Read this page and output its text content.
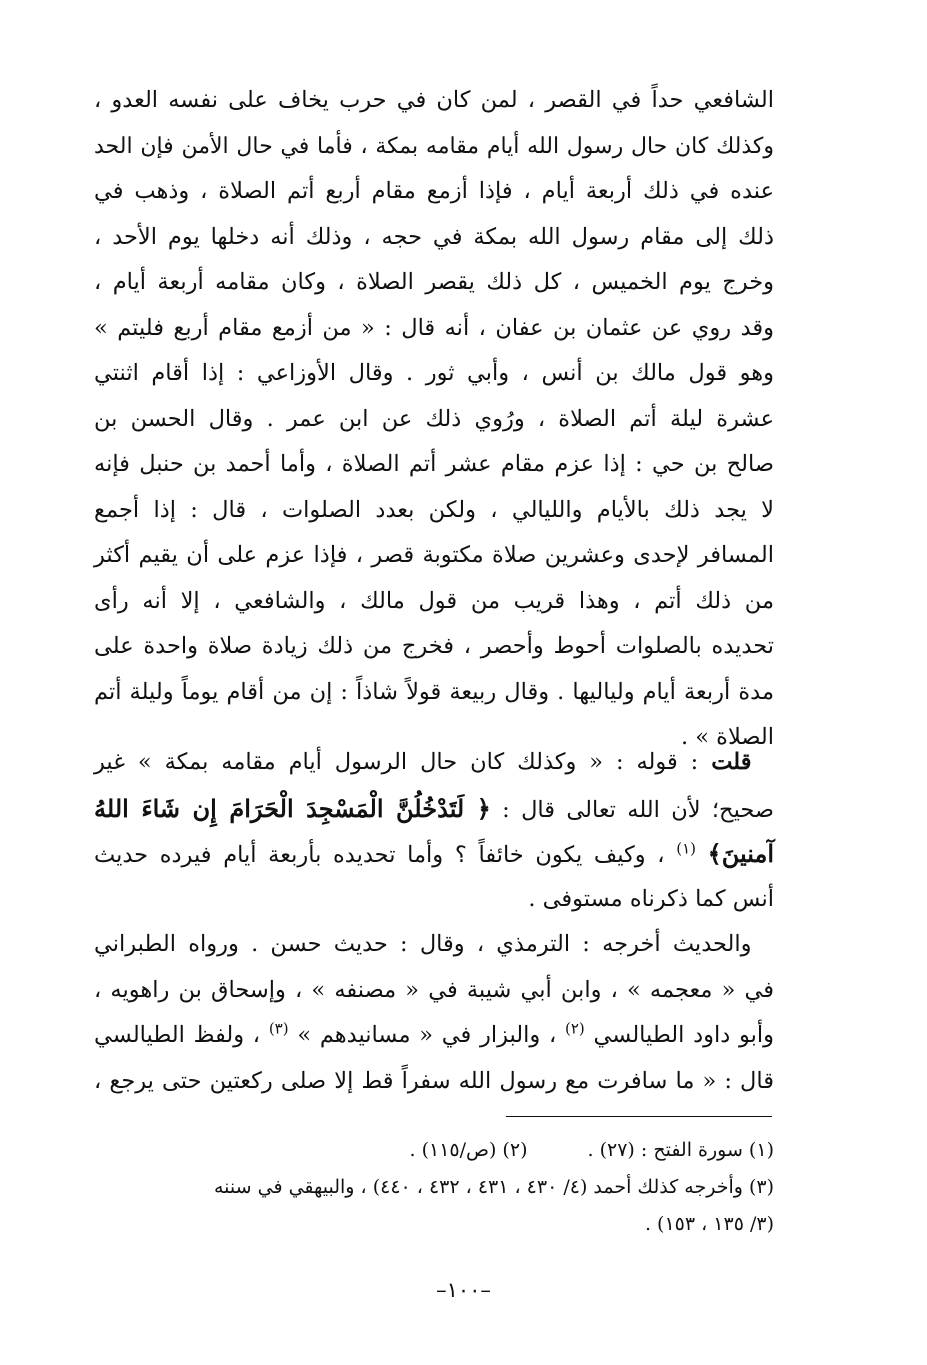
الشافعي حداً في القصر ، لمن كان في حرب يخاف على نفسه العدو ،
وكذلك كان حال رسول الله أيام مقامه بمكة ، فأما في حال الأمن فإن الحد
عنده في ذلك أربعة أيام ، فإذا أزمع مقام أربع أتم الصلاة ، وذهب في
ذلك إلى مقام رسول الله بمكة في حجه ، وذلك أنه دخلها يوم الأحد ،
وخرج يوم الخميس ، كل ذلك يقصر الصلاة ، وكان مقامه أربعة أيام ،
وقد روي عن عثمان بن عفان ، أنه قال : « من أزمع مقام أربع فليتم »
وهو قول مالك بن أنس ، وأبي ثور . وقال الأوزاعي : إذا أقام اثنتي
عشرة ليلة أتم الصلاة ، ورُوي ذلك عن ابن عمر . وقال الحسن بن
صالح بن حي : إذا عزم مقام عشر أتم الصلاة ، وأما أحمد بن حنبل فإنه
لا يجد ذلك بالأيام والليالي ، ولكن بعدد الصلوات ، قال : إذا أجمع
المسافر لإحدى وعشرين صلاة مكتوبة قصر ، فإذا عزم على أن يقيم أكثر
من ذلك أتم ، وهذا قريب من قول مالك ، والشافعي ، إلا أنه رأى
تحديده بالصلوات أحوط وأحصر ، فخرج من ذلك زيادة صلاة واحدة على
مدة أربعة أيام ولياليها . وقال ربيعة قولاً شاذاً : إن من أقام يوماً وليلة أتم
الصلاة » .
 قلت : قوله : « وكذلك كان حال الرسول أيام مقامه بمكة » غير
صحيح؛ لأن الله تعالى قال : ﴿ لَتَدْخُلُنَّ الْمَسْجِدَ الْحَرَامَ إِن شَاءَ اللهُ
آمنينَ﴾ $^{(١)}$ ، وكيف يكون خائفاً ؟ وأما تحديده بأربعة أيام فيرده حديث
أنس كما ذكرناه مستوفى .
 والحديث أخرجه : الترمذي ، وقال : حديث حسن . ورواه الطبراني
في « معجمه » ، وابن أبي شيبة في « مصنفه » ، وإسحاق بن راهويه ،
وأبو داود الطيالسي $^{(٢)}$ ، والبزار في « مسانيدهم » $^{(٣)}$ ، ولفظ الطيالسي
قال : « ما سافرت مع رسول الله سفراً قط إلا صلى ركعتين حتى يرجع ،
(١) سورة الفتح : (٢٧) .(٢) (ص/١١٥) .
(٣) وأخرجه كذلك أحمد (٤/ ٤٣٠ ، ٤٣١ ، ٤٣٢ ، ٤٤٠) ، والبيهقي في سننه
(٣/ ١٣٥ ، ١٥٣) .
–١٠٠–
